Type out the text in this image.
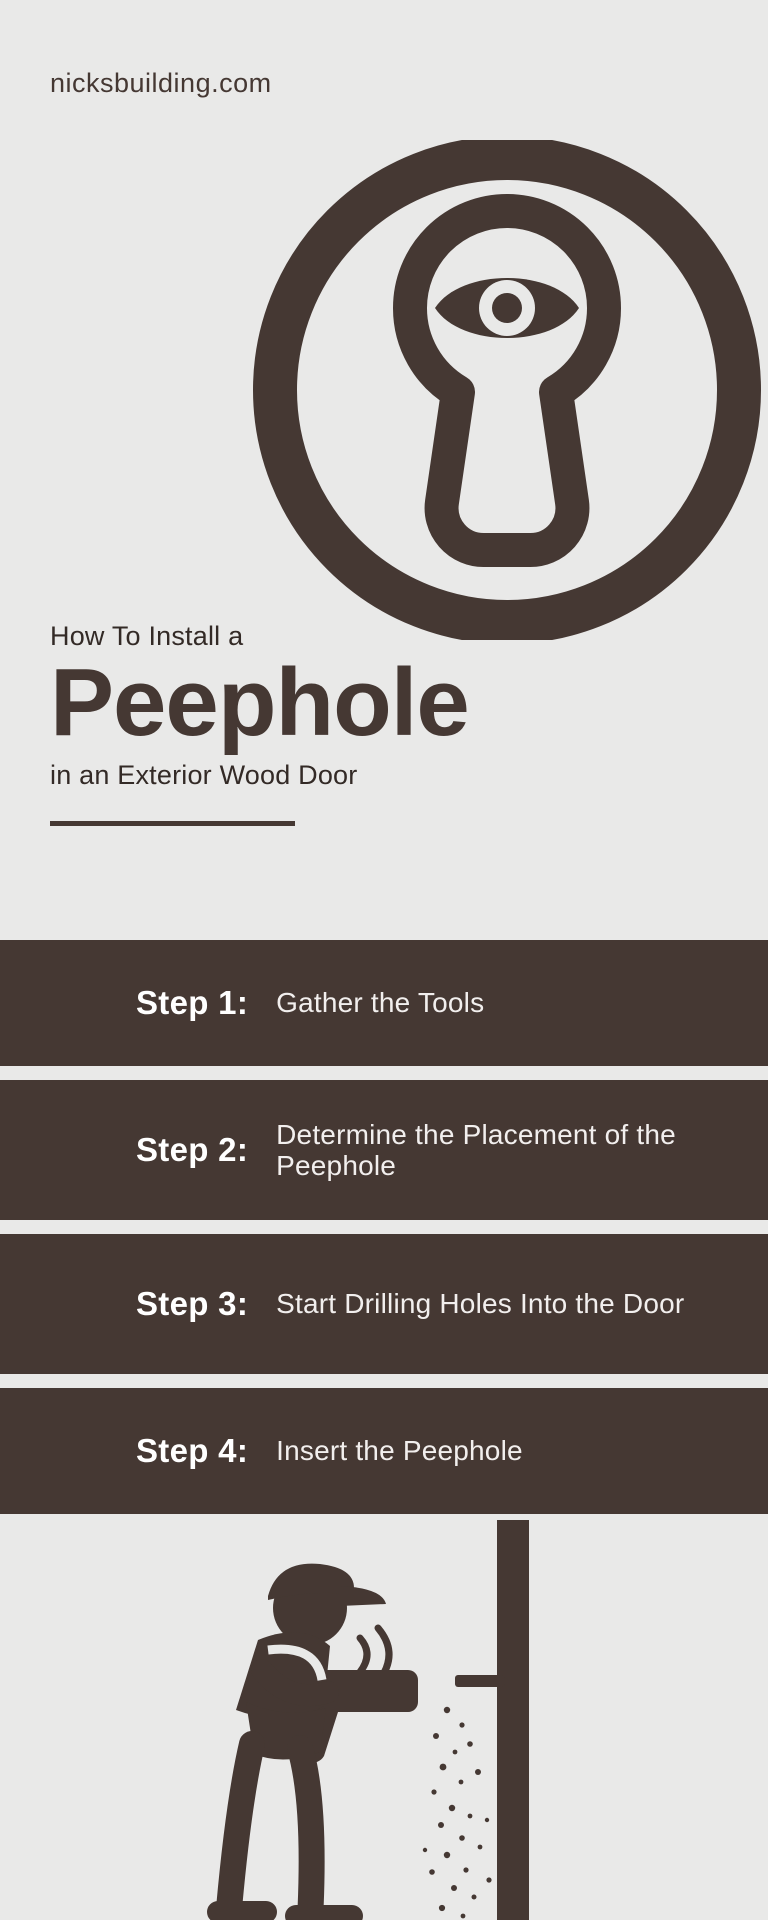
nicksbuilding.com

How To Install a

Peephole

in an Exterior Wood Door

Step 1: Gather the Tools
Step 2: Determine the Placement of the Peephole
Step 3: Start Drilling Holes Into the Door
Step 4: Insert the Peephole
